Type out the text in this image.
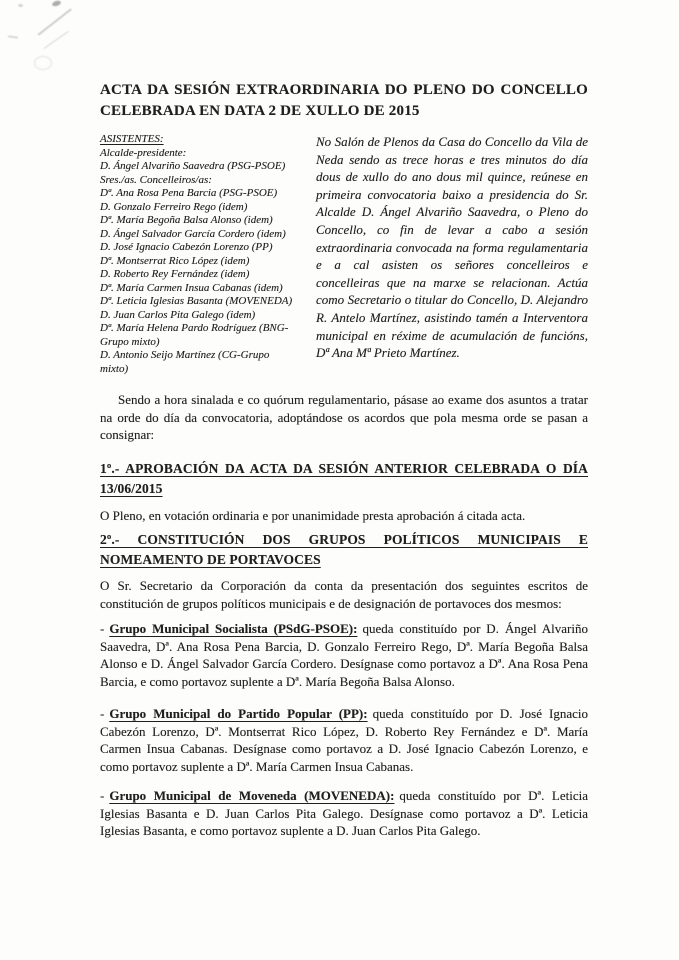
ACTA DA SESIÓN EXTRAORDINARIA DO PLENO DO CONCELLO
CELEBRADA EN DATA 2 DE XULLO DE 2015
ASISTENTES:
Alcalde-presidente:
D. Ángel Alvariño Saavedra (PSG-PSOE)
Sres./as. Concelleiros/as:
Dª. Ana Rosa Pena Barcia (PSG-PSOE)
D. Gonzalo Ferreiro Rego (idem)
Dª. María Begoña Balsa Alonso (idem)
D. Ángel Salvador García Cordero (idem)
D. José Ignacio Cabezón Lorenzo (PP)
Dª. Montserrat Rico López (idem)
D. Roberto Rey Fernández (idem)
Dª. María Carmen Insua Cabanas (idem)
Dª. Leticia Iglesias Basanta (MOVENEDA)
D. Juan Carlos Pita Galego (idem)
Dª. María Helena Pardo Rodríguez (BNG-Grupo mixto)
D. Antonio Seijo Martínez (CG-Grupo mixto)
No Salón de Plenos da Casa do Concello da Vila de Neda sendo as trece horas e tres minutos do día dous de xullo do ano dous mil quince, reúnese en primeira convocatoria baixo a presidencia do Sr. Alcalde D. Ángel Alvariño Saavedra, o Pleno do Concello, co fin de levar a cabo a sesión extraordinaria convocada na forma regulamentaria e a cal asisten os señores concelleiros e concelleiras que na marxe se relacionan. Actúa como Secretario o titular do Concello, D. Alejandro R. Antelo Martínez, asistindo tamén a Interventora municipal en réxime de acumulación de funcións, Dª Ana Mª Prieto Martínez.

Sendo a hora sinalada e co quórum regulamentario, pásase ao exame dos asuntos a tratar na orde do día da convocatoria, adoptándose os acordos que pola mesma orde se pasan a consignar:

1º.- APROBACIÓN DA ACTA DA SESIÓN ANTERIOR CELEBRADA O DÍA
13/06/2015

O Pleno, en votación ordinaria e por unanimidade presta aprobación á citada acta.

2º.- CONSTITUCIÓN DOS GRUPOS POLÍTICOS MUNICIPAIS E
NOMEAMENTO DE PORTAVOCES

O Sr. Secretario da Corporación da conta da presentación dos seguintes escritos de constitución de grupos políticos municipais e de designación de portavoces dos mesmos:

- Grupo Municipal Socialista (PSdG-PSOE): queda constituído por D. Ángel Alvariño Saavedra, Dª. Ana Rosa Pena Barcia, D. Gonzalo Ferreiro Rego, Dª. María Begoña Balsa Alonso e D. Ángel Salvador García Cordero. Desígnase como portavoz a Dª. Ana Rosa Pena Barcia, e como portavoz suplente a Dª. María Begoña Balsa Alonso.

- Grupo Municipal do Partido Popular (PP): queda constituído por D. José Ignacio Cabezón Lorenzo, Dª. Montserrat Rico López, D. Roberto Rey Fernández e Dª. María Carmen Insua Cabanas. Desígnase como portavoz a D. José Ignacio Cabezón Lorenzo, e como portavoz suplente a Dª. María Carmen Insua Cabanas.

- Grupo Municipal de Moveneda (MOVENEDA): queda constituído por Dª. Leticia Iglesias Basanta e D. Juan Carlos Pita Galego. Desígnase como portavoz a Dª. Leticia Iglesias Basanta, e como portavoz suplente a D. Juan Carlos Pita Galego.
